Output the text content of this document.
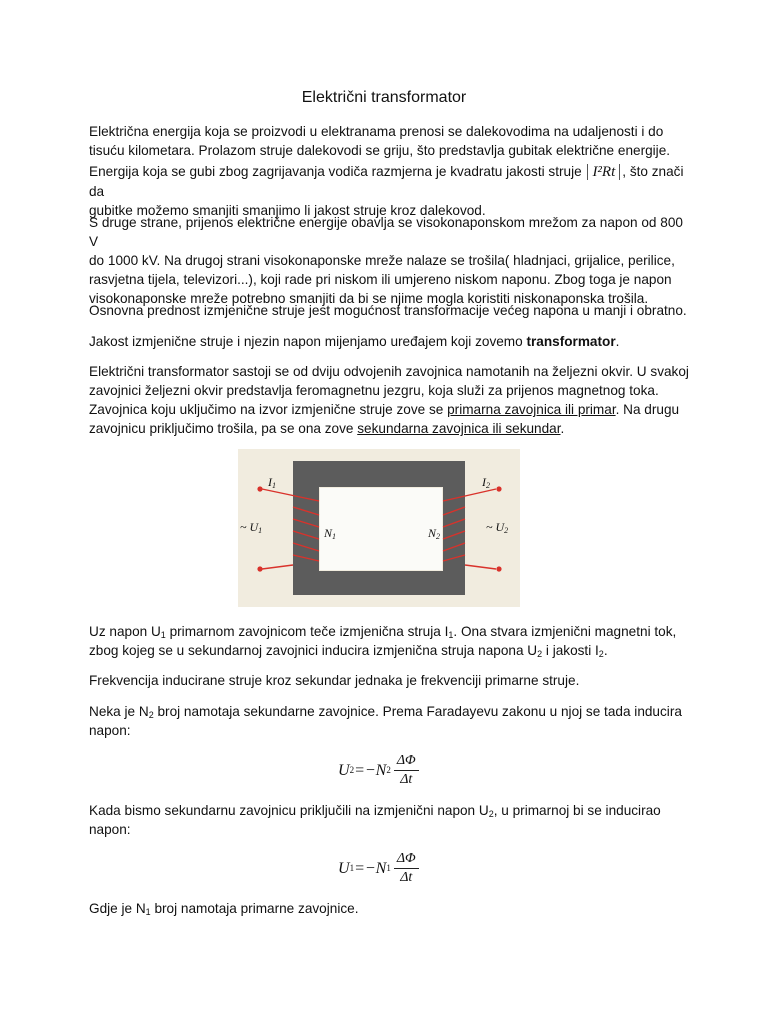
Električni transformator
Električna energija koja se proizvodi u elektranama prenosi se dalekovodima na udaljenosti i do
tisuću kilometara. Prolazom struje dalekovodi se griju, što predstavlja gubitak električne energije.
Energija koja se gubi zbog zagrijavanja vodiča razmjerna je kvadratu jakosti struje I²Rt , što znači da
gubitke možemo smanjiti smanjimo li jakost struje kroz dalekovod.
S druge strane, prijenos električne energije obavlja se visokonaponskom mrežom za napon od 800 V
do 1000 kV. Na drugoj strani visokonaponske mreže nalaze se trošila( hladnjaci, grijalice, perilice,
rasvjetna tijela, televizori...), koji rade pri niskom ili umjereno niskom naponu. Zbog toga je napon
visokonaponske mreže potrebno smanjiti da bi se njime mogla koristiti niskonaponska trošila.
Osnovna prednost izmjenične struje jest mogućnost transformacije većeg napona u manji i obratno.
Jakost izmjenične struje i njezin napon mijenjamo uređajem koji zovemo transformator.
Električni transformator sastoji se od dviju odvojenih zavojnica namotanih na željezni okvir. U svakoj
zavojnici željezni okvir predstavlja feromagnetnu jezgru, koja služi za prijenos magnetnog toka.
Zavojnica koju uključimo na izvor izmjenične struje zove se primarna zavojnica ili primar. Na drugu
zavojnicu priključimo trošila, pa se ona zove sekundarna zavojnica ili sekundar.
I1	I2
~ U1	~ U2
N1	N2
Uz napon $U_1$ primarnom zavojnicom teče izmjenična struja $I_1$. Ona stvara izmjenični magnetni tok,
zbog kojeg se u sekundarnoj zavojnici inducira izmjenična struja napona $U_2$ i jakosti $I_2$.
Frekvencija inducirane struje kroz sekundar jednaka je frekvenciji primarne struje.
Neka je $N_2$ broj namotaja sekundarne zavojnice. Prema Faradayevu zakonu u njoj se tada inducira
napon:
U 2 =−N $2 \frac{\Delta\Phi}{\Delta t}$
Kada bismo sekundarnu zavojnicu priključili na izmjenični napon $U_2$, u primarnoj bi se inducirao
napon:
U 1 =−N $1 \frac{\Delta\Phi}{\Delta t}$
Gdje je $N_1$ broj namotaja primarne zavojnice.
